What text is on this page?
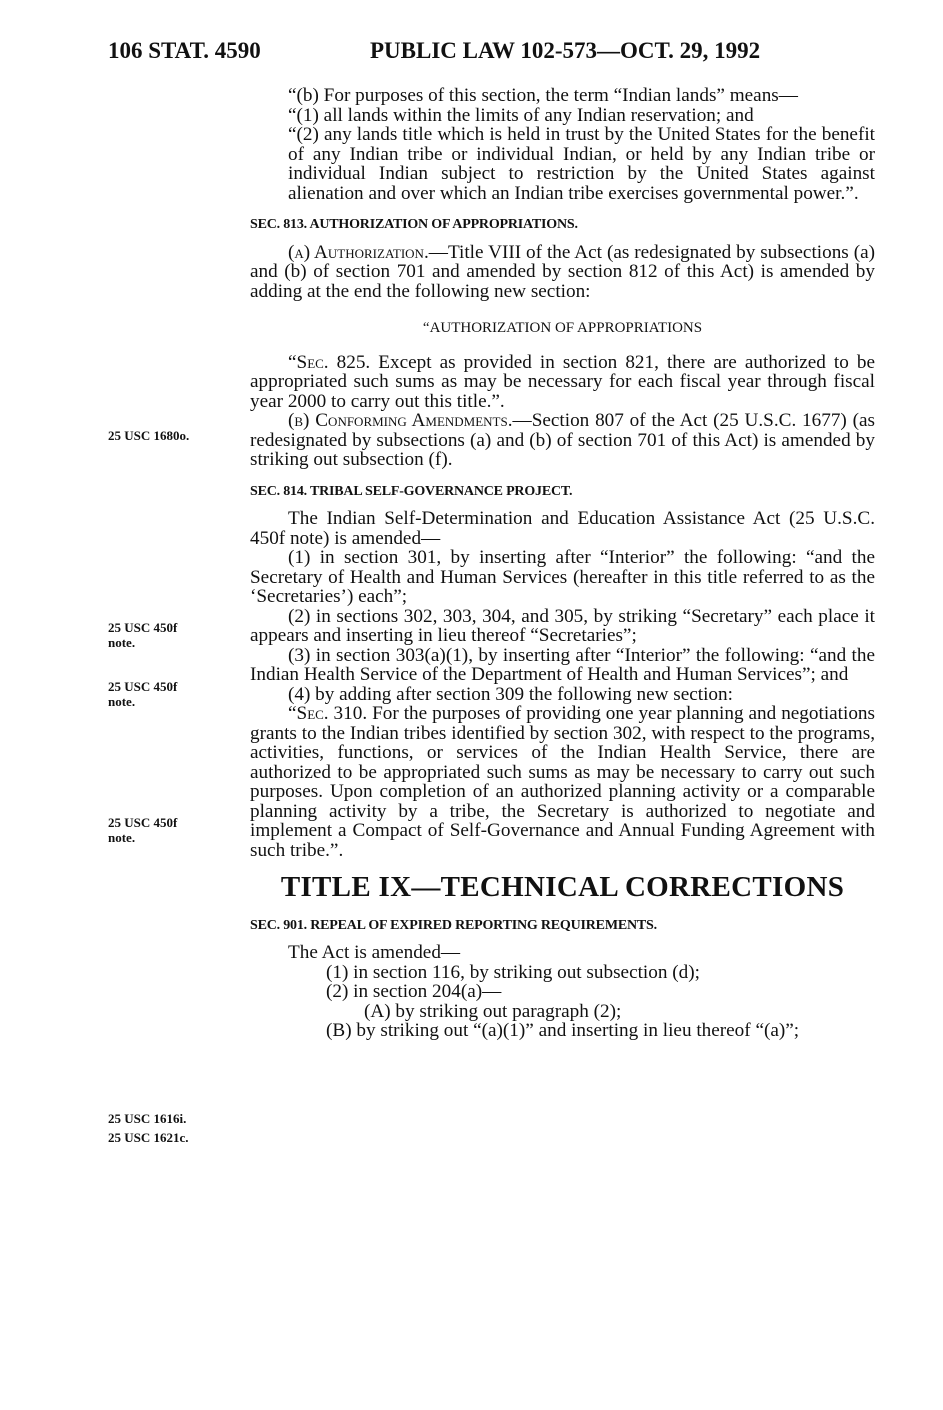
106 STAT. 4590	PUBLIC LAW 102-573—OCT. 29, 1992
25 USC 1680o.
25 USC 450f
note.
25 USC 450f
note.
25 USC 450f
note.
25 USC 1616i.
25 USC 1621c.

“(b) For purposes of this section, the term “Indian lands” means—

“(1) all lands within the limits of any Indian reservation; and

“(2) any lands title which is held in trust by the United States for the benefit of any Indian tribe or individual Indian, or held by any Indian tribe or individual Indian subject to restriction by the United States against alienation and over which an Indian tribe exercises governmental power.”.

SEC. 813. AUTHORIZATION OF APPROPRIATIONS.

(a) Authorization.—Title VIII of the Act (as redesignated by subsections (a) and (b) of section 701 and amended by section 812 of this Act) is amended by adding at the end the following new section:

“AUTHORIZATION OF APPROPRIATIONS

“Sec. 825. Except as provided in section 821, there are authorized to be appropriated such sums as may be necessary for each fiscal year through fiscal year 2000 to carry out this title.”.

(b) Conforming Amendments.—Section 807 of the Act (25 U.S.C. 1677) (as redesignated by subsections (a) and (b) of section 701 of this Act) is amended by striking out subsection (f).

SEC. 814. TRIBAL SELF-GOVERNANCE PROJECT.

The Indian Self-Determination and Education Assistance Act (25 U.S.C. 450f note) is amended—

(1) in section 301, by inserting after “Interior” the following: “and the Secretary of Health and Human Services (hereafter in this title referred to as the ‘Secretaries’) each”;

(2) in sections 302, 303, 304, and 305, by striking “Secretary” each place it appears and inserting in lieu thereof “Secretaries”;

(3) in section 303(a)(1), by inserting after “Interior” the following: “and the Indian Health Service of the Department of Health and Human Services”; and

(4) by adding after section 309 the following new section:

“Sec. 310. For the purposes of providing one year planning and negotiations grants to the Indian tribes identified by section 302, with respect to the programs, activities, functions, or services of the Indian Health Service, there are authorized to be appropriated such sums as may be necessary to carry out such purposes. Upon completion of an authorized planning activity or a comparable planning activity by a tribe, the Secretary is authorized to negotiate and implement a Compact of Self-Governance and Annual Funding Agreement with such tribe.”.

TITLE IX—TECHNICAL CORRECTIONS
SEC. 901. REPEAL OF EXPIRED REPORTING REQUIREMENTS.

The Act is amended—

(1) in section 116, by striking out subsection (d);

(2) in section 204(a)—

(A) by striking out paragraph (2);

(B) by striking out “(a)(1)” and inserting in lieu thereof “(a)”;
